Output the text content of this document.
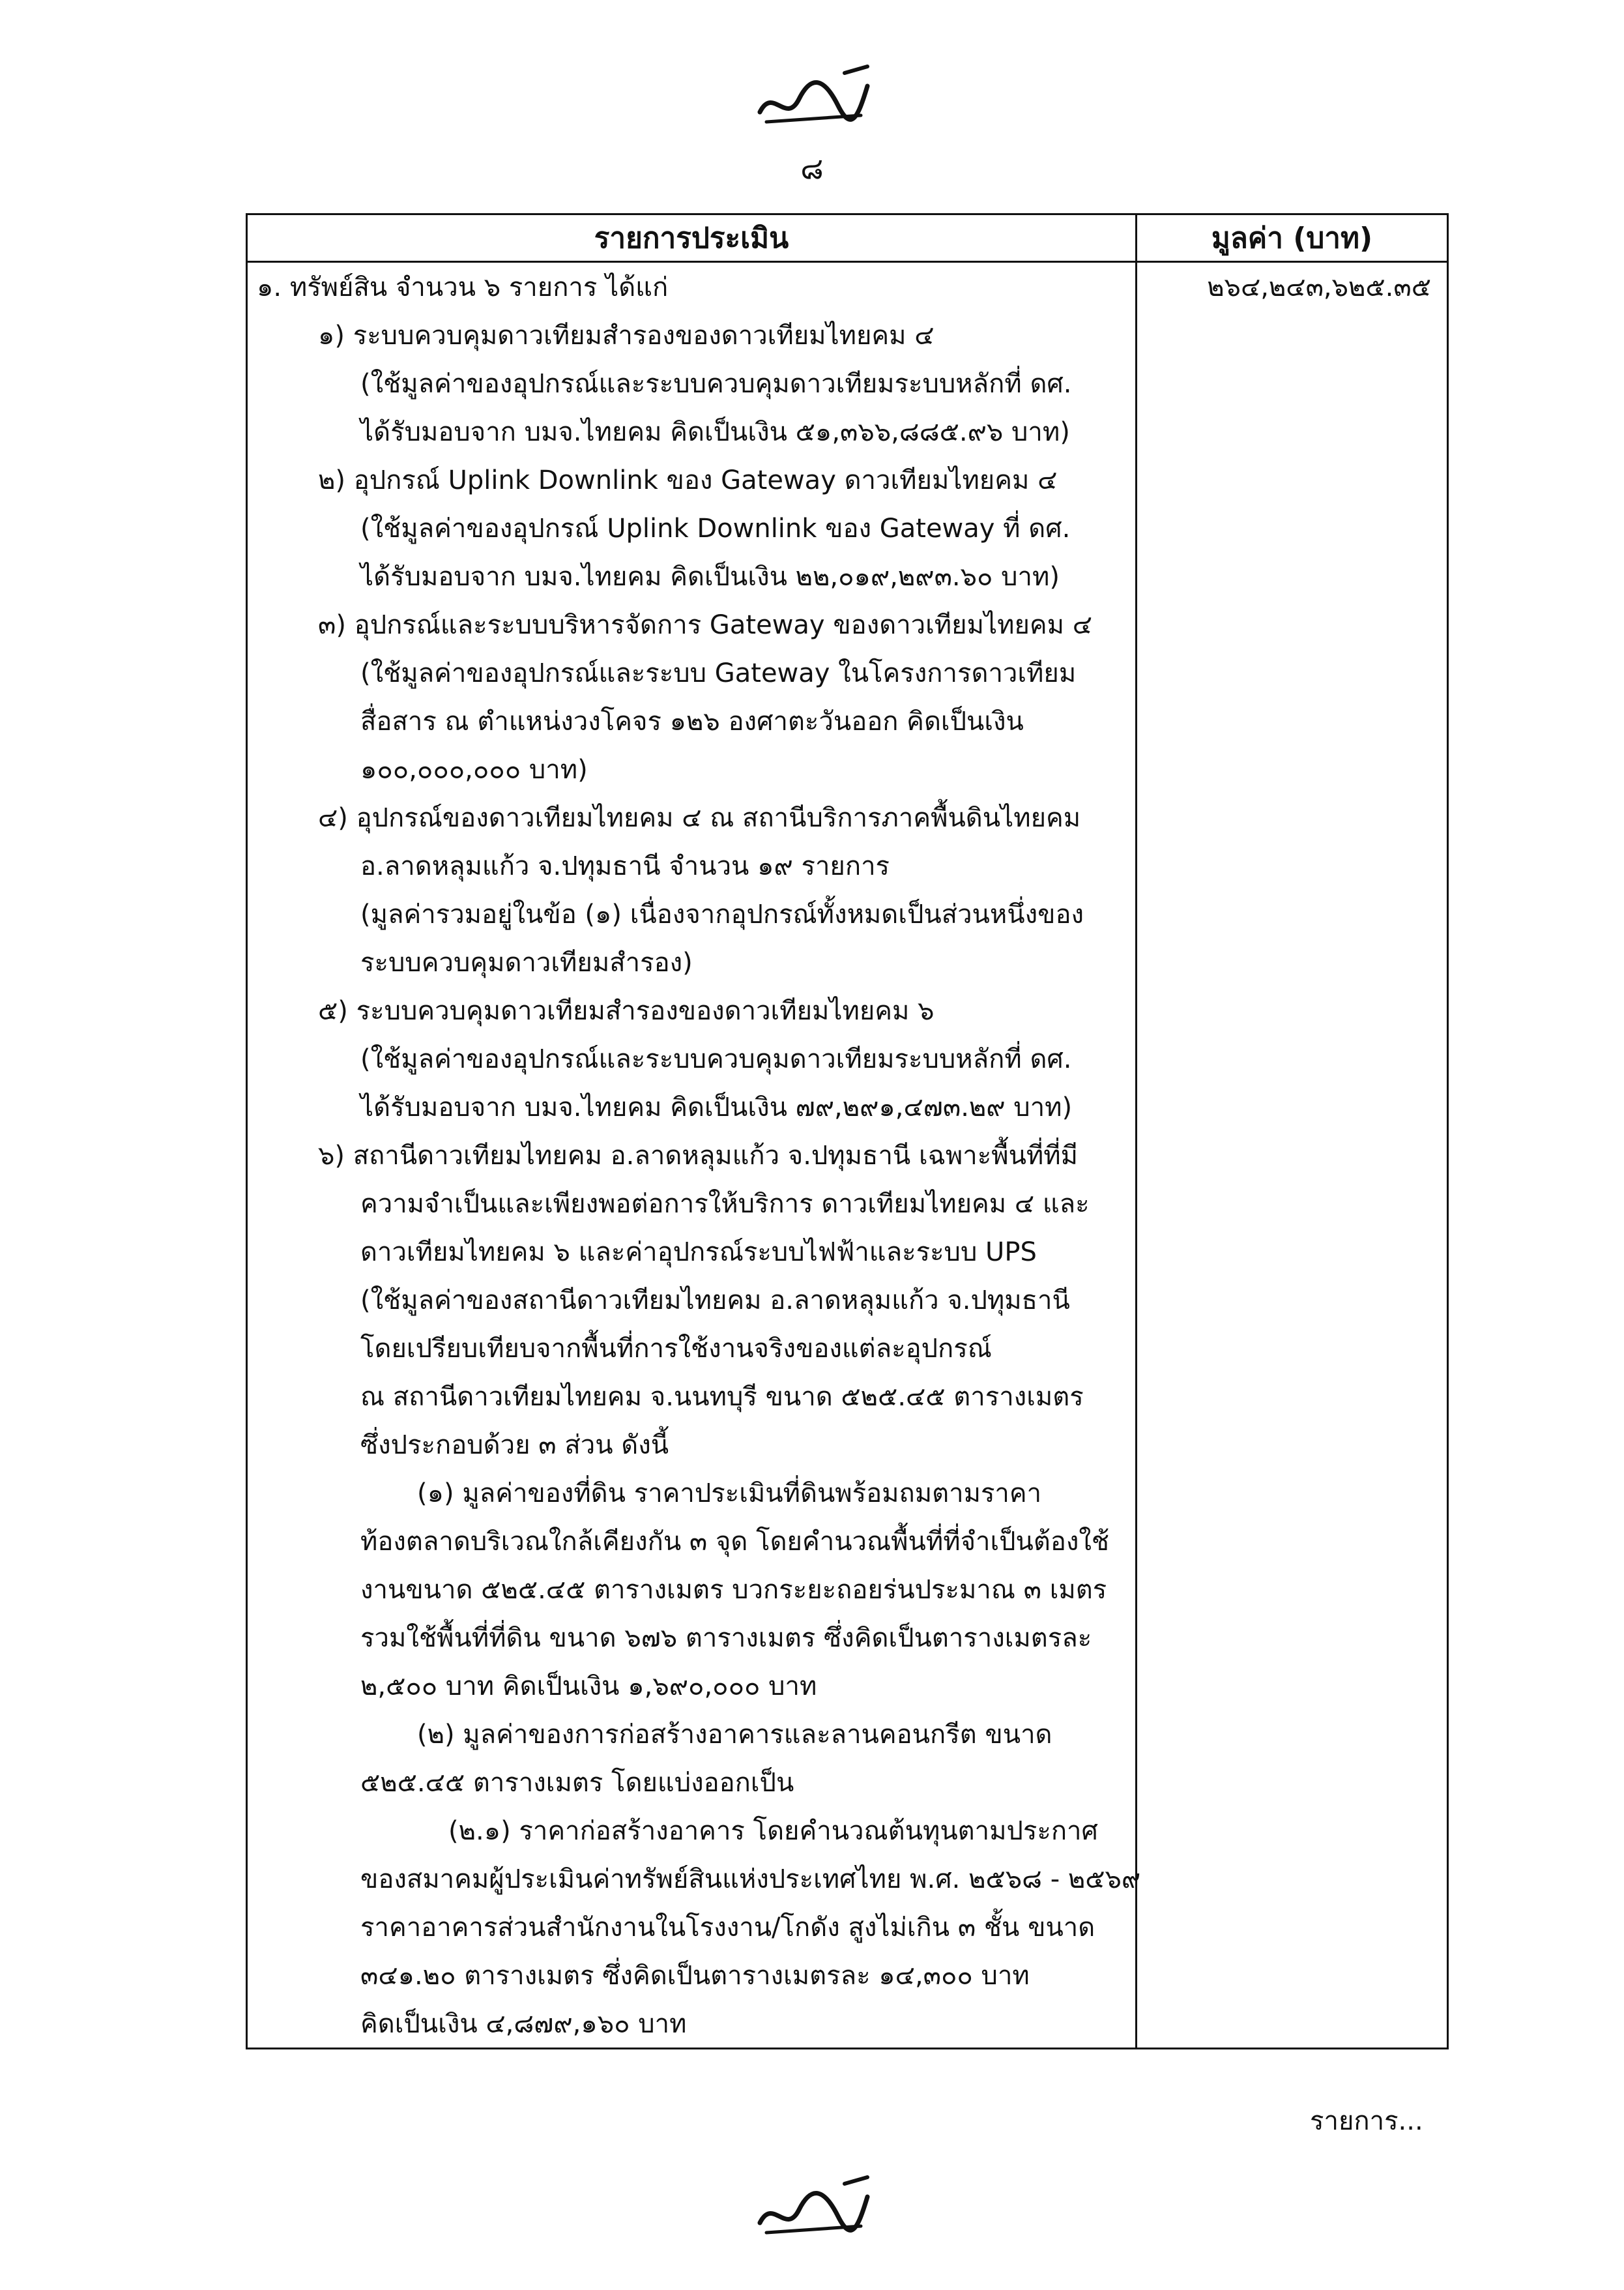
๘
รายการประเมิน	มูลค่า (บาท)
๑. ทรัพย์สิน จำนวน ๖ รายการ ได้แก่	๒๖๔,๒๔๓,๖๒๕.๓๕
๑) ระบบควบคุมดาวเทียมสำรองของดาวเทียมไทยคม ๔	
(ใช้มูลค่าของอุปกรณ์และระบบควบคุมดาวเทียมระบบหลักที่ ดศ.	
ได้รับมอบจาก บมจ.ไทยคม คิดเป็นเงิน ๕๑,๓๖๖,๘๘๕.๙๖ บาท)	
๒) อุปกรณ์ Uplink Downlink ของ Gateway ดาวเทียมไทยคม ๔	
(ใช้มูลค่าของอุปกรณ์ Uplink Downlink ของ Gateway ที่ ดศ.	
ได้รับมอบจาก บมจ.ไทยคม คิดเป็นเงิน ๒๒,๐๑๙,๒๙๓.๖๐ บาท)	
๓) อุปกรณ์และระบบบริหารจัดการ Gateway ของดาวเทียมไทยคม ๔	
(ใช้มูลค่าของอุปกรณ์และระบบ Gateway ในโครงการดาวเทียม	
สื่อสาร ณ ตำแหน่งวงโคจร ๑๒๖ องศาตะวันออก คิดเป็นเงิน	
๑๐๐,๐๐๐,๐๐๐ บาท)	
๔) อุปกรณ์ของดาวเทียมไทยคม ๔ ณ สถานีบริการภาคพื้นดินไทยคม	
อ.ลาดหลุมแก้ว จ.ปทุมธานี จำนวน ๑๙ รายการ	
(มูลค่ารวมอยู่ในข้อ (๑) เนื่องจากอุปกรณ์ทั้งหมดเป็นส่วนหนึ่งของ	
ระบบควบคุมดาวเทียมสำรอง)	
๕) ระบบควบคุมดาวเทียมสำรองของดาวเทียมไทยคม ๖	
(ใช้มูลค่าของอุปกรณ์และระบบควบคุมดาวเทียมระบบหลักที่ ดศ.	
ได้รับมอบจาก บมจ.ไทยคม คิดเป็นเงิน ๗๙,๒๙๑,๔๗๓.๒๙ บาท)	
๖) สถานีดาวเทียมไทยคม อ.ลาดหลุมแก้ว จ.ปทุมธานี เฉพาะพื้นที่ที่มี	
ความจำเป็นและเพียงพอต่อการให้บริการ ดาวเทียมไทยคม ๔ และ	
ดาวเทียมไทยคม ๖ และค่าอุปกรณ์ระบบไฟฟ้าและระบบ UPS	
(ใช้มูลค่าของสถานีดาวเทียมไทยคม อ.ลาดหลุมแก้ว จ.ปทุมธานี	
โดยเปรียบเทียบจากพื้นที่การใช้งานจริงของแต่ละอุปกรณ์	
ณ สถานีดาวเทียมไทยคม จ.นนทบุรี ขนาด ๕๒๕.๔๕ ตารางเมตร	
ซึ่งประกอบด้วย ๓ ส่วน ดังนี้	
(๑) มูลค่าของที่ดิน ราคาประเมินที่ดินพร้อมถมตามราคา	
ท้องตลาดบริเวณใกล้เคียงกัน ๓ จุด โดยคำนวณพื้นที่ที่จำเป็นต้องใช้	
งานขนาด ๕๒๕.๔๕ ตารางเมตร บวกระยะถอยร่นประมาณ ๓ เมตร	
รวมใช้พื้นที่ที่ดิน ขนาด ๖๗๖ ตารางเมตร ซึ่งคิดเป็นตารางเมตรละ	
๒,๕๐๐ บาท คิดเป็นเงิน ๑,๖๙๐,๐๐๐ บาท	
(๒) มูลค่าของการก่อสร้างอาคารและลานคอนกรีต ขนาด	
๕๒๕.๔๕ ตารางเมตร โดยแบ่งออกเป็น	
(๒.๑) ราคาก่อสร้างอาคาร โดยคำนวณต้นทุนตามประกาศ	
ของสมาคมผู้ประเมินค่าทรัพย์สินแห่งประเทศไทย พ.ศ. ๒๕๖๘ - ๒๕๖๙	
ราคาอาคารส่วนสำนักงานในโรงงาน/โกดัง สูงไม่เกิน ๓ ชั้น ขนาด	
๓๔๑.๒๐ ตารางเมตร ซึ่งคิดเป็นตารางเมตรละ ๑๔,๓๐๐ บาท	
คิดเป็นเงิน ๔,๘๗๙,๑๖๐ บาท	
รายการ...
